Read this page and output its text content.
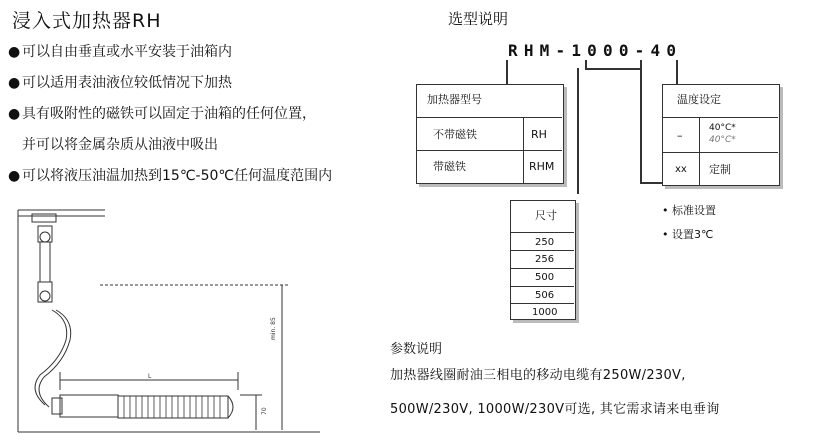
浸入式加热器RH
● 可以自由垂直或水平安装于油箱内
● 可以适用表油液位较低情况下加热
● 具有吸附性的磁铁可以固定于油箱的任何位置，
并可以将金属杂质从油液中吸出
● 可以将液压油温加热到15℃-50℃任何温度范围内
L
min. 85
70
选型说明
RHM-1000-40
加热器型号
不带磁铁	RH
带磁铁	RHM
尺寸
250
256
500
506
1000
温度设定
–
40°C*
40°C*
xx 定制
• 标准设置
• 设置3℃
参数说明
加热器线圈耐油三相电的移动电缆有250W/230V,
500W/230V, 1000W/230V可选, 其它需求请来电垂询
